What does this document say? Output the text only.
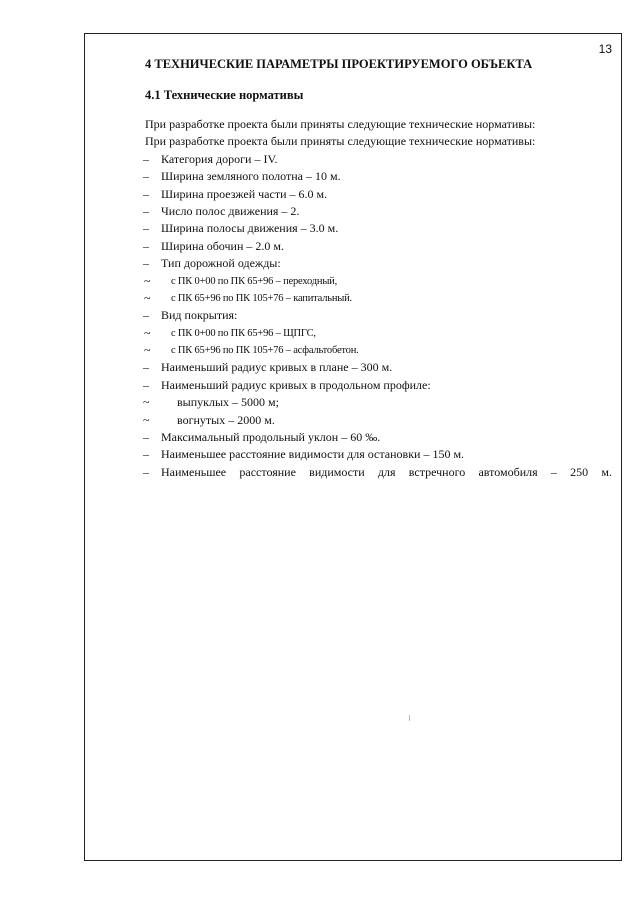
13
4 ТЕХНИЧЕСКИЕ ПАРАМЕТРЫ ПРОЕКТИРУЕМОГО ОБЪЕКТА
4.1 Технические нормативы
При разработке проекта были приняты следующие технические нормативы:
При разработке проекта были приняты следующие технические нормативы:
– Категория дороги – IV.
– Ширина земляного полотна – 10 м.
– Ширина проезжей части – 6.0 м.
– Число полос движения – 2.
– Ширина полосы движения – 3.0 м.
– Ширина обочин – 2.0 м.
– Тип дорожной одежды:
~ с ПК 0+00 по ПК 65+96 – переходный,
~ с ПК 65+96 по ПК 105+76 – капитальный.
– Вид покрытия:
~ с ПК 0+00 по ПК 65+96 – ЩПГС,
~ с ПК 65+96 по ПК 105+76 – асфальтобетон.
– Наименьший радиус кривых в плане – 300 м.
– Наименьший радиус кривых в продольном профиле:
~ выпуклых – 5000 м;
~ вогнутых – 2000 м.
– Максимальный продольный уклон – 60 ‰.
– Наименьшее расстояние видимости для остановки – 150 м.
– Наименьшее расстояние видимости для встречного автомобиля – 250 м.
